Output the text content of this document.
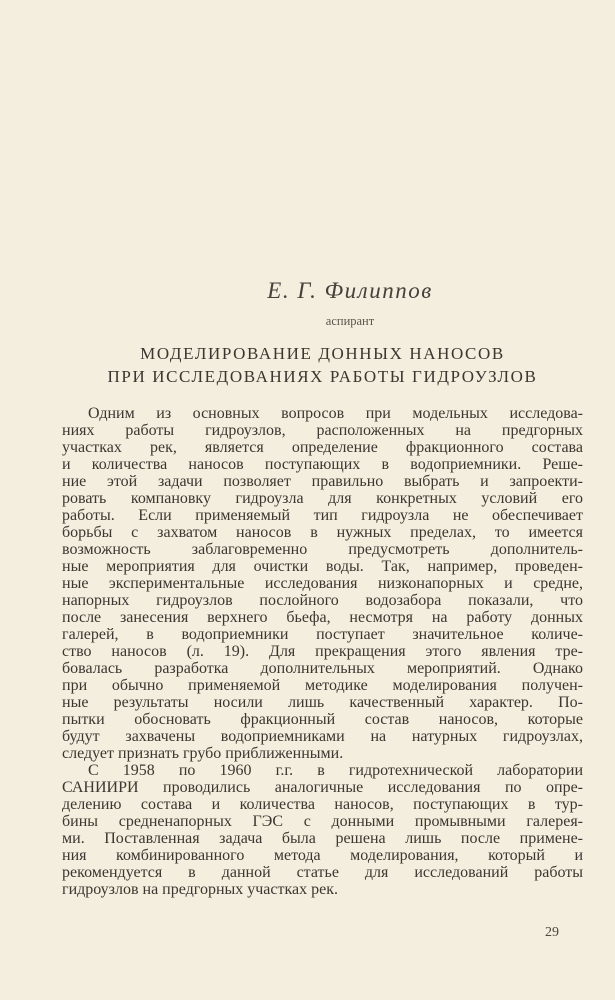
Е. Г. Филиппов
аспирант
МОДЕЛИРОВАНИЕ ДОННЫХ НАНОСОВ
ПРИ ИССЛЕДОВАНИЯХ РАБОТЫ ГИДРОУЗЛОВ
Одним из основных вопросов при модельных исследова-
ниях работы гидроузлов, расположенных на предгорных
участках рек, является определение фракционного состава
и количества наносов поступающих в водоприемники. Реше-
ние этой задачи позволяет правильно выбрать и запроекти-
ровать компановку гидроузла для конкретных условий его
работы. Если применяемый тип гидроузла не обеспечивает
борьбы с захватом наносов в нужных пределах, то имеется
возможность заблаговременно предусмотреть дополнитель-
ные мероприятия для очистки воды. Так, например, проведен-
ные экспериментальные исследования низконапорных и средне,
напорных гидроузлов послойного водозабора показали, что
после занесения верхнего бьефа, несмотря на работу донных
галерей, в водоприемники поступает значительное количе-
ство наносов (л. 19). Для прекращения этого явления тре-
бовалась разработка дополнительных мероприятий. Однако
при обычно применяемой методике моделирования получен-
ные результаты носили лишь качественный характер. По-
пытки обосновать фракционный состав наносов, которые
будут захвачены водоприемниками на натурных гидроузлах,
следует признать грубо приближенными.
С 1958 по 1960 г.г. в гидротехнической лаборатории
САНИИРИ проводились аналогичные исследования по опре-
делению состава и количества наносов, поступающих в тур-
бины средненапорных ГЭС с донными промывными галерея-
ми. Поставленная задача была решена лишь после примене-
ния комбинированного метода моделирования, который и
рекомендуется в данной статье для исследований работы
гидроузлов на предгорных участках рек.
29
